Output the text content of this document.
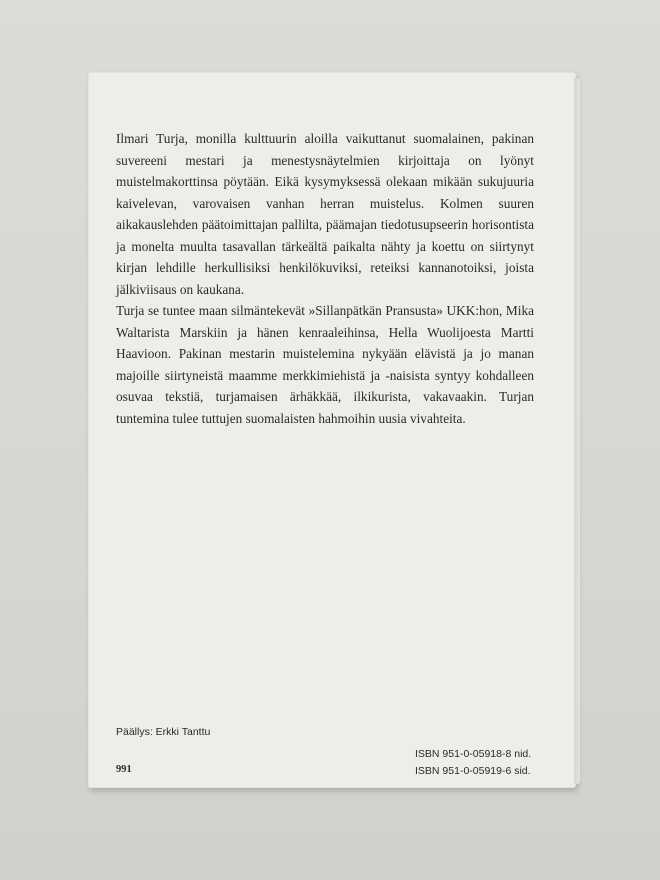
Ilmari Turja, monilla kulttuurin aloilla vaikuttanut suomalainen, pakinan suvereeni mestari ja menestysnäytelmien kirjoittaja on lyönyt muistelmakorttinsa pöytään. Eikä kysymyksessä olekaan mikään sukujuuria kaivelevan, varovaisen vanhan herran muistelus. Kolmen suuren aikakauslehden päätoimittajan pallilta, päämajan tiedotusupseerin horisontista ja monelta muulta tasavallan tärkeältä paikalta nähty ja koettu on siirtynyt kirjan lehdille herkullisiksi henkilökuviksi, reteiksi kannanotoiksi, joista jälkiviisaus on kaukana.

Turja se tuntee maan silmäntekevät »Sillanpätkän Pransusta» UKK:hon, Mika Waltarista Marskiin ja hänen kenraaleihinsa, Hella Wuolijoesta Martti Haavioon. Pakinan mestarin muistelemina nykyään elävistä ja jo manan majoille siirtyneistä maamme merkkimiehistä ja -naisista syntyy kohdalleen osuvaa tekstiä, turjamaisen ärhäkkää, ilkikurista, vakavaakin. Turjan tuntemina tulee tuttujen suomalaisten hahmoihin uusia vivahteita.

Päällys: Erkki Tanttu
991
ISBN 951-0-05918-8 nid.
ISBN 951-0-05919-6 sid.
